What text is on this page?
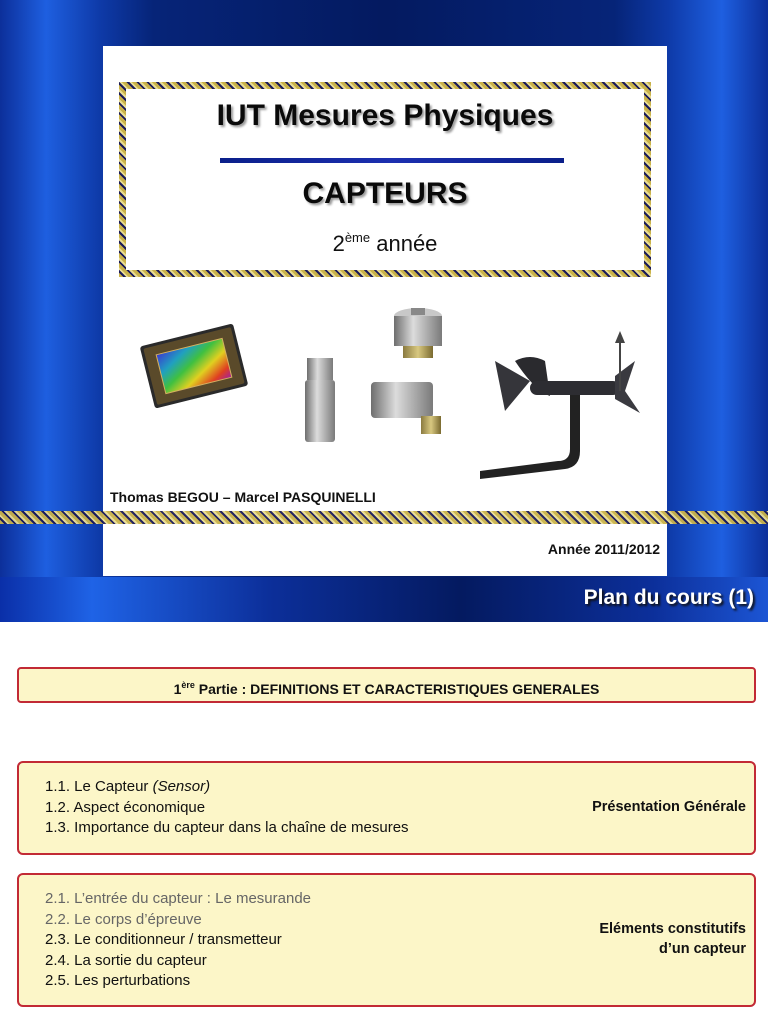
IUT Mesures Physiques
CAPTEURS
2ème année
Thomas BEGOU – Marcel PASQUINELLI
Année 2011/2012
Plan du cours (1)
1ère Partie : DEFINITIONS ET CARACTERISTIQUES GENERALES
1.1. Le Capteur (Sensor)
1.2. Aspect économique
1.3. Importance du capteur dans la chaîne de mesures
Présentation Générale
2.1. L’entrée du capteur : Le mesurande
2.2. Le corps d’épreuve
2.3. Le conditionneur / transmetteur
2.4. La sortie du capteur
2.5. Les perturbations
Eléments constitutifs
d’un capteur
